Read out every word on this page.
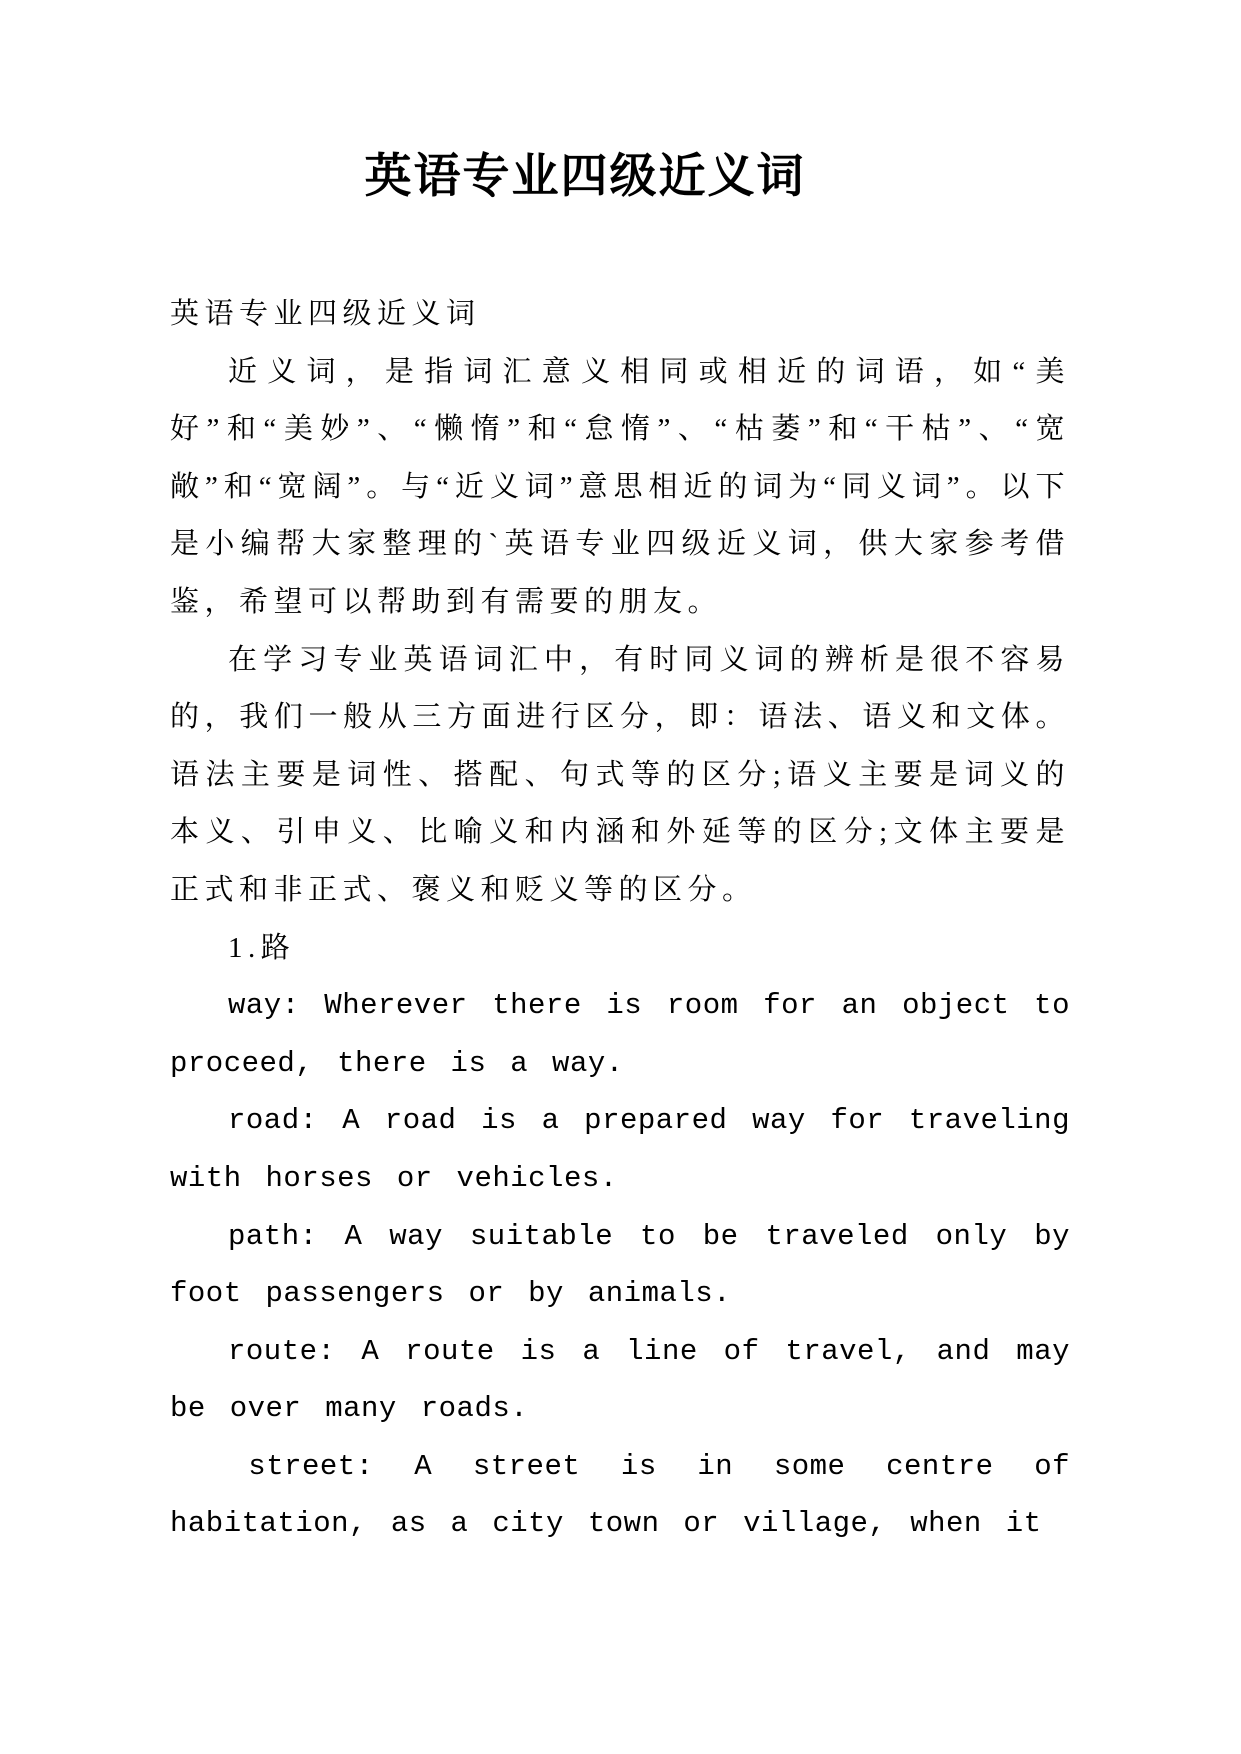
英语专业四级近义词

英语专业四级近义词

近义词，是指词汇意义相同或相近的词语，如“美好”和“美妙”、“懒惰”和“怠惰”、“枯萎”和“干枯”、“宽敞”和“宽阔”。与“近义词”意思相近的词为“同义词”。以下是小编帮大家整理的`英语专业四级近义词，供大家参考借鉴，希望可以帮助到有需要的朋友。

在学习专业英语词汇中，有时同义词的辨析是很不容易的，我们一般从三方面进行区分，即：语法、语义和文体。语法主要是词性、搭配、句式等的区分;语义主要是词义的本义、引申义、比喻义和内涵和外延等的区分;文体主要是正式和非正式、褒义和贬义等的区分。

1.路

way: Wherever there is room for an object to proceed, there is a way.

road: A road is a prepared way for traveling with horses or vehicles.

path: A way suitable to be traveled only by foot passengers or by animals.

route: A route is a line of travel, and may be over many roads.

street: A street is in some centre of habitation, as a city town or village, when it
